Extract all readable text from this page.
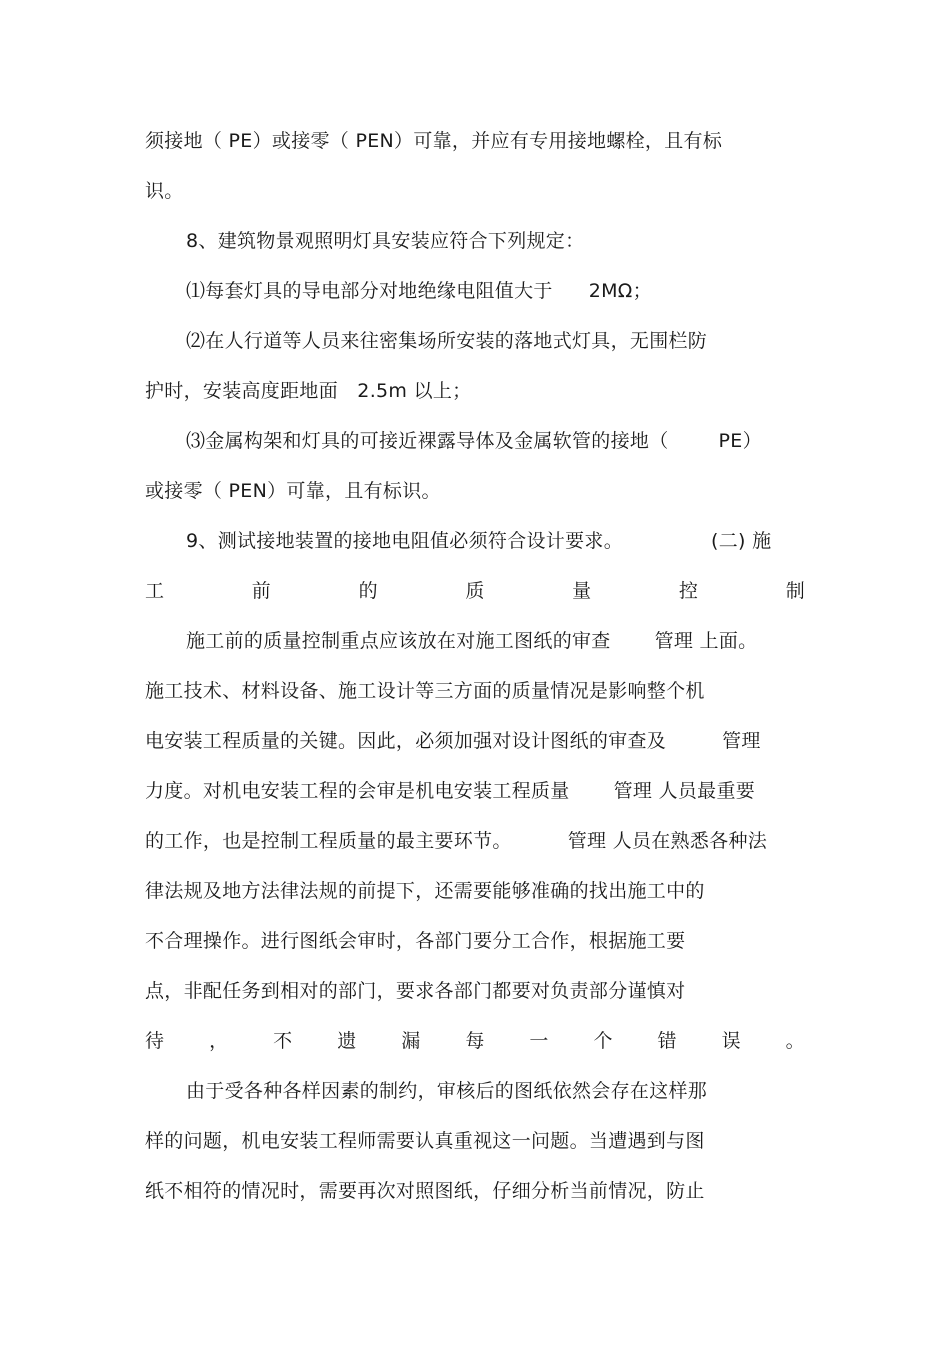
须接地（ PE）或接零（ PEN）可靠，并应有专用接地螺栓，且有标
识。
8、建筑物景观照明灯具安装应符合下列规定：
⑴每套灯具的导电部分对地绝缘电阻值大于 2MΩ；
⑵在人行道等人员来往密集场所安装的落地式灯具，无围栏防
护时，安装高度距地面　2.5m 以上；
⑶金属构架和灯具的可接近裸露导体及金属软管的接地（	PE）
或接零（ PEN）可靠，且有标识。
9、测试接地装置的接地电阻值必须符合设计要求。	(二) 施
工	前	的	质	量	控	制
施工前的质量控制重点应该放在对施工图纸的审查 管理 上面。
施工技术、材料设备、施工设计等三方面的质量情况是影响整个机
电安装工程质量的关键。因此，必须加强对设计图纸的审查及	管理
力度。对机电安装工程的会审是机电安装工程质量 管理 人员最重要
的工作，也是控制工程质量的最主要环节。	管理 人员在熟悉各种法
律法规及地方法律法规的前提下，还需要能够准确的找出施工中的
不合理操作。进行图纸会审时，各部门要分工合作，根据施工要
点，非配任务到相对的部门，要求各部门都要对负责部分谨慎对
待 ， 不 遗 漏 每 一 个 错 误 。
由于受各种各样因素的制约，审核后的图纸依然会存在这样那
样的问题，机电安装工程师需要认真重视这一问题。当遭遇到与图
纸不相符的情况时，需要再次对照图纸，仔细分析当前情况，防止
